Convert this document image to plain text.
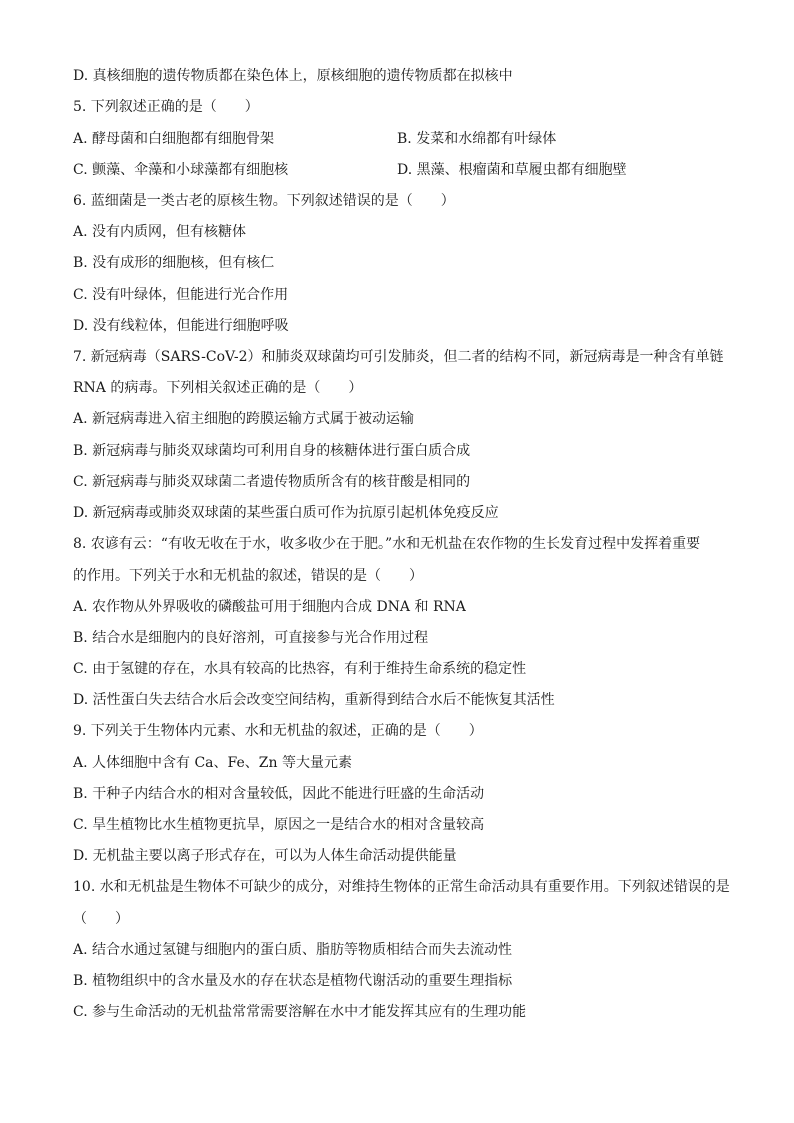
D. 真核细胞的遗传物质都在染色体上，原核细胞的遗传物质都在拟核中
5. 下列叙述正确的是（　　）
A. 酵母菌和白细胞都有细胞骨架	B. 发菜和水绵都有叶绿体
C. 颤藻、伞藻和小球藻都有细胞核	D. 黑藻、根瘤菌和草履虫都有细胞壁
6. 蓝细菌是一类古老的原核生物。下列叙述错误的是（　　）
A. 没有内质网，但有核糖体
B. 没有成形的细胞核，但有核仁
C. 没有叶绿体，但能进行光合作用
D. 没有线粒体，但能进行细胞呼吸
7. 新冠病毒（SARS-CoV-2）和肺炎双球菌均可引发肺炎，但二者的结构不同，新冠病毒是一种含有单链
RNA 的病毒。下列相关叙述正确的是（　　）
A. 新冠病毒进入宿主细胞的跨膜运输方式属于被动运输
B. 新冠病毒与肺炎双球菌均可利用自身的核糖体进行蛋白质合成
C. 新冠病毒与肺炎双球菌二者遗传物质所含有的核苷酸是相同的
D. 新冠病毒或肺炎双球菌的某些蛋白质可作为抗原引起机体免疫反应
8. 农谚有云：“有收无收在于水，收多收少在于肥。”水和无机盐在农作物的生长发育过程中发挥着重要
的作用。下列关于水和无机盐的叙述，错误的是（　　）
A. 农作物从外界吸收的磷酸盐可用于细胞内合成 DNA 和 RNA
B. 结合水是细胞内的良好溶剂，可直接参与光合作用过程
C. 由于氢键的存在，水具有较高的比热容，有利于维持生命系统的稳定性
D. 活性蛋白失去结合水后会改变空间结构，重新得到结合水后不能恢复其活性
9. 下列关于生物体内元素、水和无机盐的叙述，正确的是（　　）
A. 人体细胞中含有 Ca、Fe、Zn 等大量元素
B. 干种子内结合水的相对含量较低，因此不能进行旺盛的生命活动
C. 旱生植物比水生植物更抗旱，原因之一是结合水的相对含量较高
D. 无机盐主要以离子形式存在，可以为人体生命活动提供能量
10. 水和无机盐是生物体不可缺少的成分，对维持生物体的正常生命活动具有重要作用。下列叙述错误的是
（　　）
A. 结合水通过氢键与细胞内的蛋白质、脂肪等物质相结合而失去流动性
B. 植物组织中的含水量及水的存在状态是植物代谢活动的重要生理指标
C. 参与生命活动的无机盐常常需要溶解在水中才能发挥其应有的生理功能
